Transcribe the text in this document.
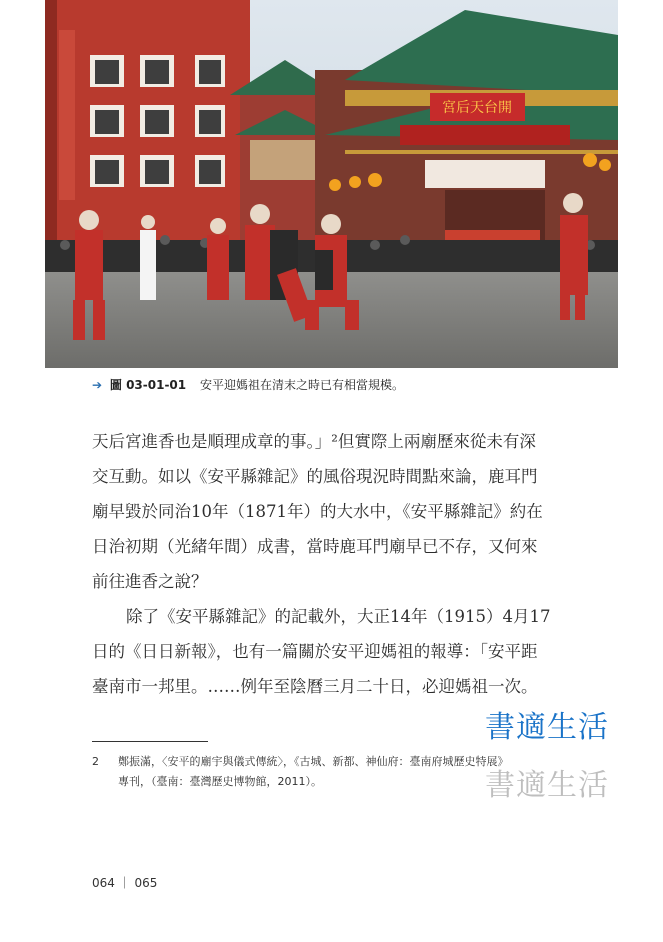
宮后天台開
➔ 圖 03-01-01 安平迎媽祖在清末之時已有相當規模。
天后宮進香也是順理成章的事。」²但實際上兩廟歷來從未有深
交互動。如以《安平縣雜記》的風俗現況時間點來論，鹿耳門
廟早毀於同治10年（1871年）的大水中，《安平縣雜記》約在
日治初期（光緒年間）成書，當時鹿耳門廟早已不存，又何來
前往進香之說？
除了《安平縣雜記》的記載外，大正14年（1915）4月17
日的《日日新報》，也有一篇關於安平迎媽祖的報導：「安平距
臺南市一邦里。……例年至陰曆三月二十日，必迎媽祖一次。
書適生活
書適生活
2 鄭振滿，〈安平的廟宇與儀式傳統〉，《古城、新都、神仙府：臺南府城歷史特展》
專刊，（臺南：臺灣歷史博物館，2011）。
064 ｜ 065
